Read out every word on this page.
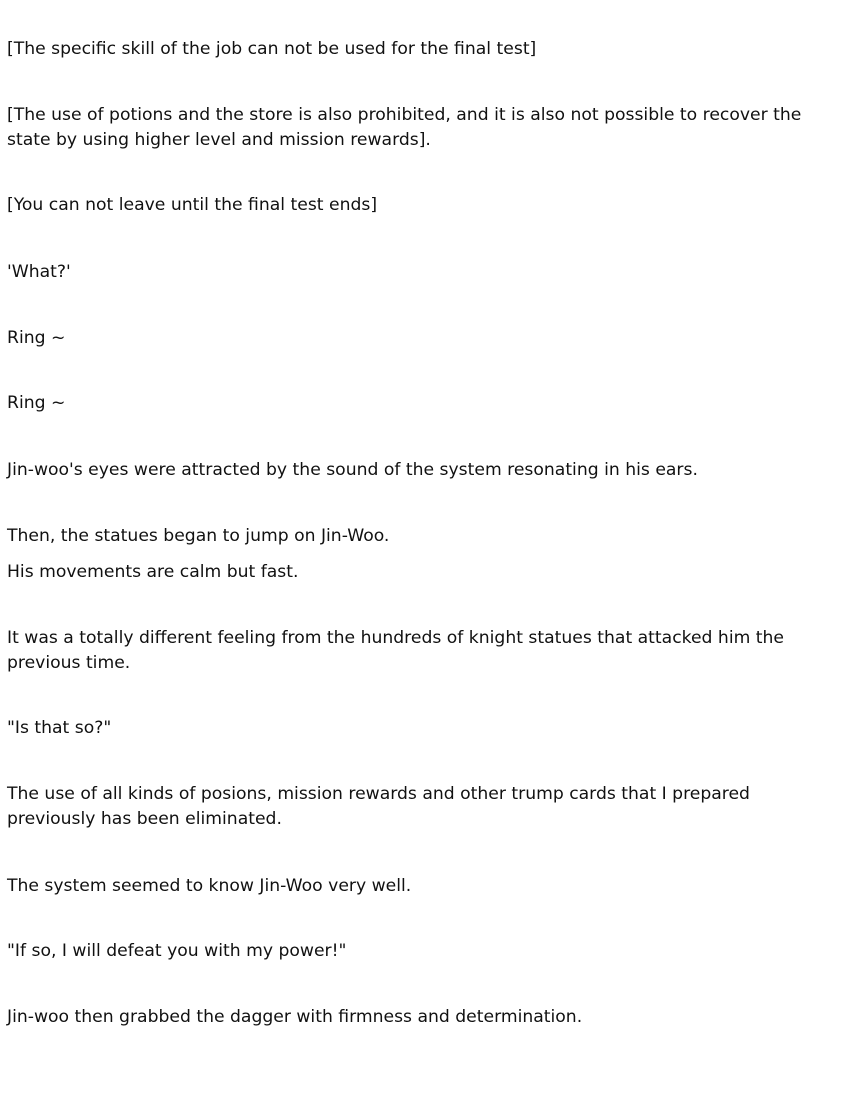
[The specific skill of the job can not be used for the final test]

[The use of potions and the store is also prohibited, and it is also not possible to recover the state by using higher level and mission rewards].

[You can not leave until the final test ends]

'What?'

Ring ~

Ring ~

Jin-woo's eyes were attracted by the sound of the system resonating in his ears.

Then, the statues began to jump on Jin-Woo.

His movements are calm but fast.

It was a totally different feeling from the hundreds of knight statues that attacked him the previous time.

"Is that so?"

The use of all kinds of posions, mission rewards and other trump cards that I prepared previously has been eliminated.

The system seemed to know Jin-Woo very well.

"If so, I will defeat you with my power!"

Jin-woo then grabbed the dagger with firmness and determination.
